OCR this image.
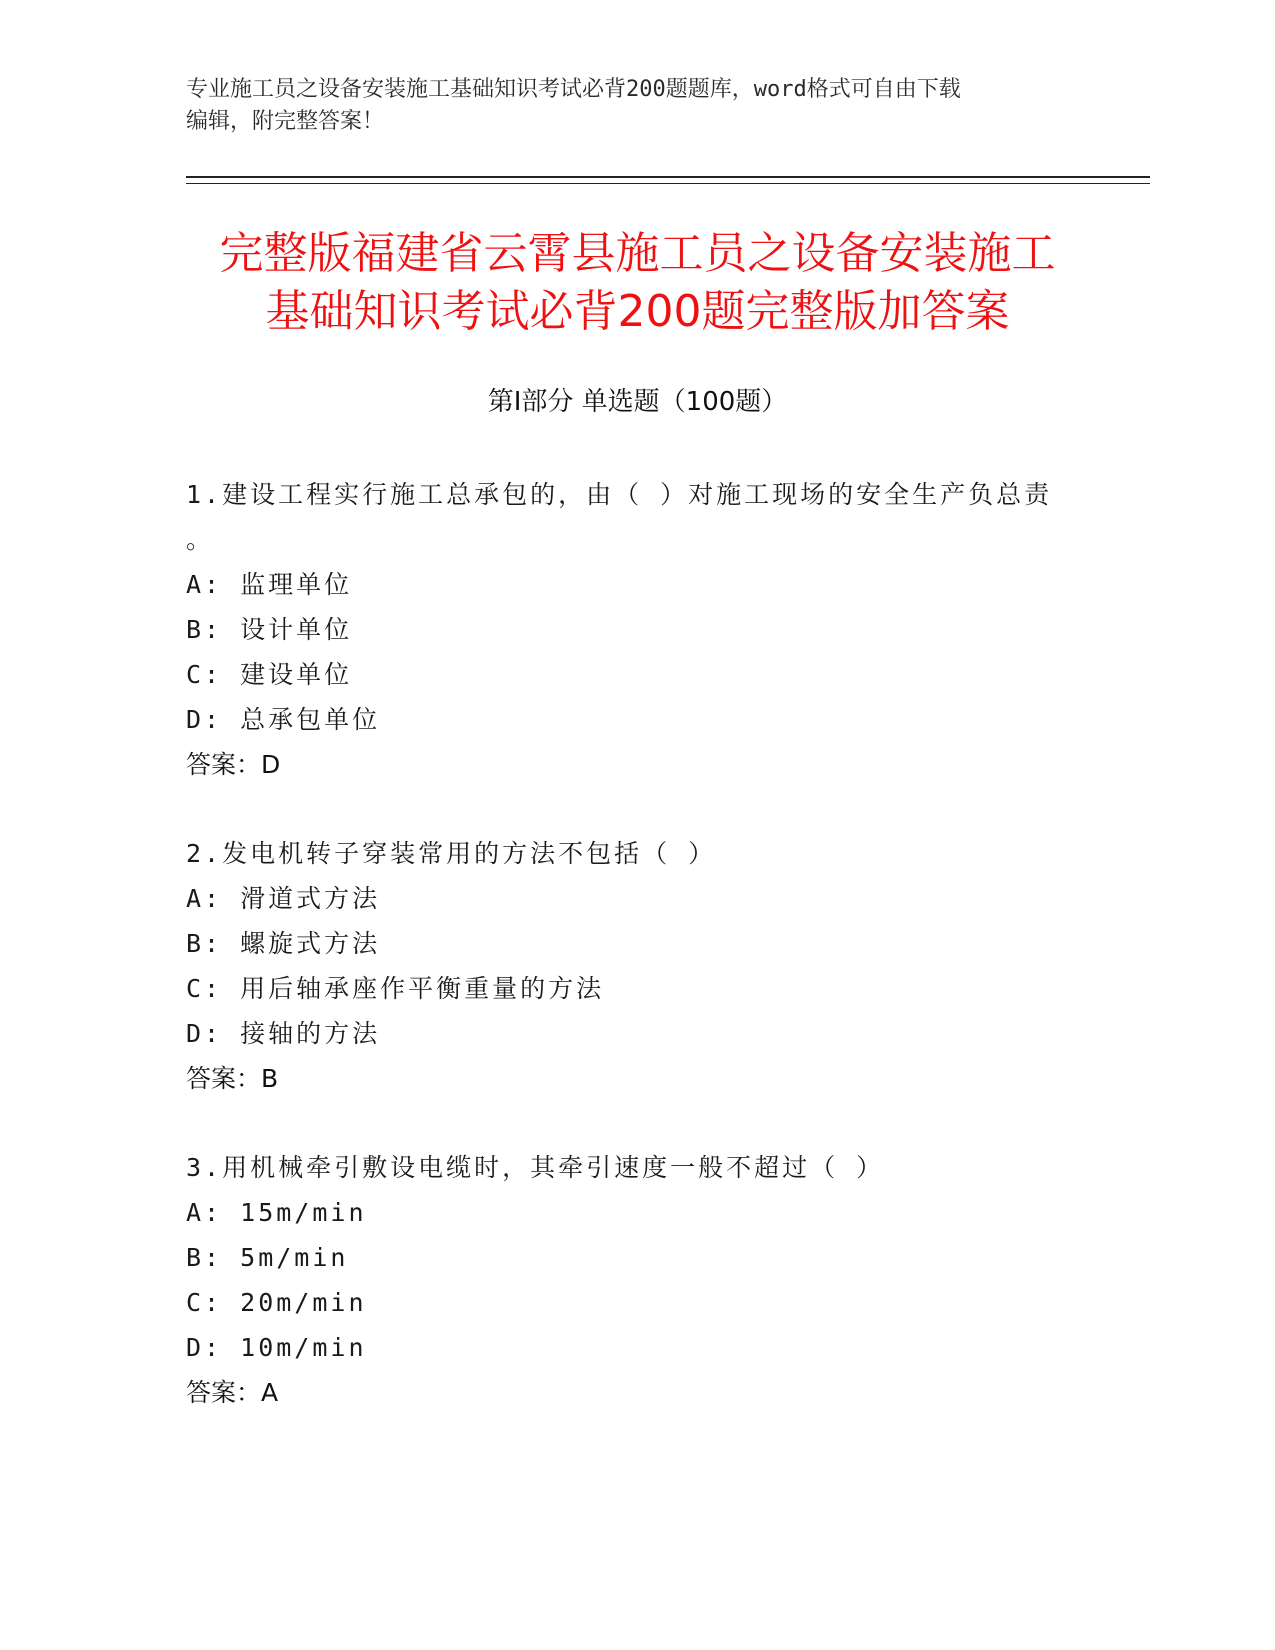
专业施工员之设备安装施工基础知识考试必背200题题库，word格式可自由下载
编辑，附完整答案！
完整版福建省云霄县施工员之设备安装施工
基础知识考试必背200题完整版加答案
第Ⅰ部分 单选题（100题）
1.建设工程实行施工总承包的，由（ ）对施工现场的安全生产负总责
。
A: 监理单位
B: 设计单位
C: 建设单位
D: 总承包单位
答案：D
2.发电机转子穿装常用的方法不包括（ ）
A: 滑道式方法
B: 螺旋式方法
C: 用后轴承座作平衡重量的方法
D: 接轴的方法
答案：B
3.用机械牵引敷设电缆时，其牵引速度一般不超过（ ）
A: 15m/min
B: 5m/min
C: 20m/min
D: 10m/min
答案：A
